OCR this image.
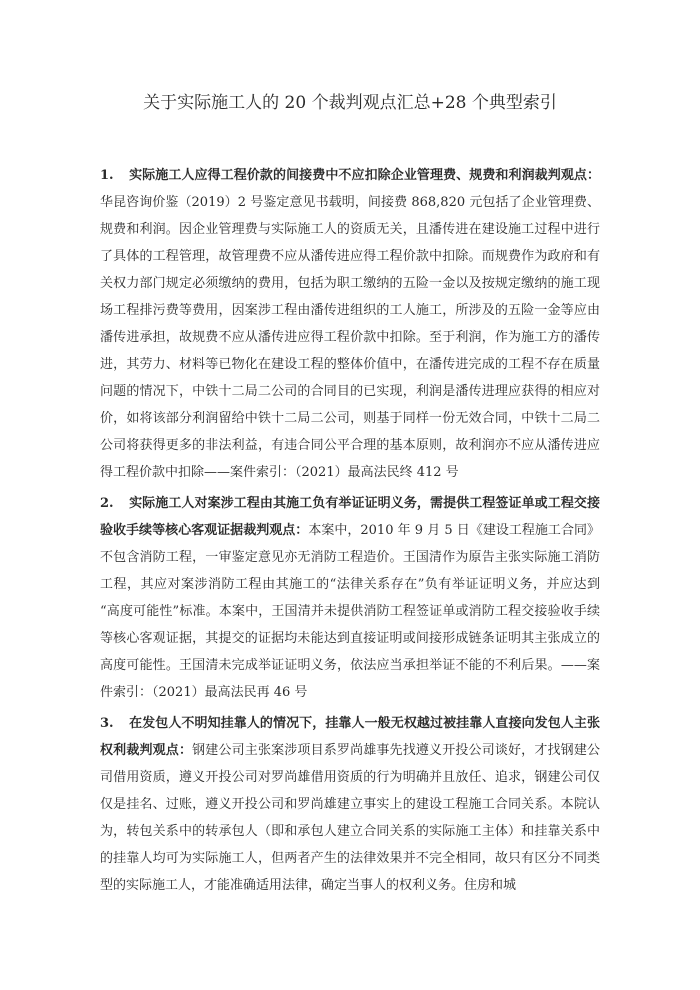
关于实际施工人的 20 个裁判观点汇总+28 个典型索引

1. 实际施工人应得工程价款的间接费中不应扣除企业管理费、规费和利润裁判观点：华昆咨询价鉴（2019）2 号鉴定意见书载明，间接费 868,820 元包括了企业管理费、规费和利润。因企业管理费与实际施工人的资质无关，且潘传进在建设施工过程中进行了具体的工程管理，故管理费不应从潘传进应得工程价款中扣除。而规费作为政府和有关权力部门规定必须缴纳的费用，包括为职工缴纳的五险一金以及按规定缴纳的施工现场工程排污费等费用，因案涉工程由潘传进组织的工人施工，所涉及的五险一金等应由潘传进承担，故规费不应从潘传进应得工程价款中扣除。至于利润，作为施工方的潘传进，其劳力、材料等已物化在建设工程的整体价值中，在潘传进完成的工程不存在质量问题的情况下，中铁十二局二公司的合同目的已实现，利润是潘传进理应获得的相应对价，如将该部分利润留给中铁十二局二公司，则基于同样一份无效合同，中铁十二局二公司将获得更多的非法利益，有违合同公平合理的基本原则，故利润亦不应从潘传进应得工程价款中扣除——案件索引：（2021）最高法民终 412 号

2. 实际施工人对案涉工程由其施工负有举证证明义务，需提供工程签证单或工程交接验收手续等核心客观证据裁判观点：本案中，2010 年 9 月 5 日《建设工程施工合同》不包含消防工程，一审鉴定意见亦无消防工程造价。王国清作为原告主张实际施工消防工程，其应对案涉消防工程由其施工的“法律关系存在”负有举证证明义务，并应达到“高度可能性”标准。本案中，王国清并未提供消防工程签证单或消防工程交接验收手续等核心客观证据，其提交的证据均未能达到直接证明或间接形成链条证明其主张成立的高度可能性。王国清未完成举证证明义务，依法应当承担举证不能的不利后果。——案件索引：（2021）最高法民再 46 号

3. 在发包人不明知挂靠人的情况下，挂靠人一般无权越过被挂靠人直接向发包人主张权利裁判观点：钢建公司主张案涉项目系罗尚雄事先找遵义开投公司谈好，才找钢建公司借用资质，遵义开投公司对罗尚雄借用资质的行为明确并且放任、追求，钢建公司仅仅是挂名、过账，遵义开投公司和罗尚雄建立事实上的建设工程施工合同关系。本院认为，转包关系中的转承包人（即和承包人建立合同关系的实际施工主体）和挂靠关系中的挂靠人均可为实际施工人，但两者产生的法律效果并不完全相同，故只有区分不同类型的实际施工人，才能准确适用法律，确定当事人的权利义务。住房和城
